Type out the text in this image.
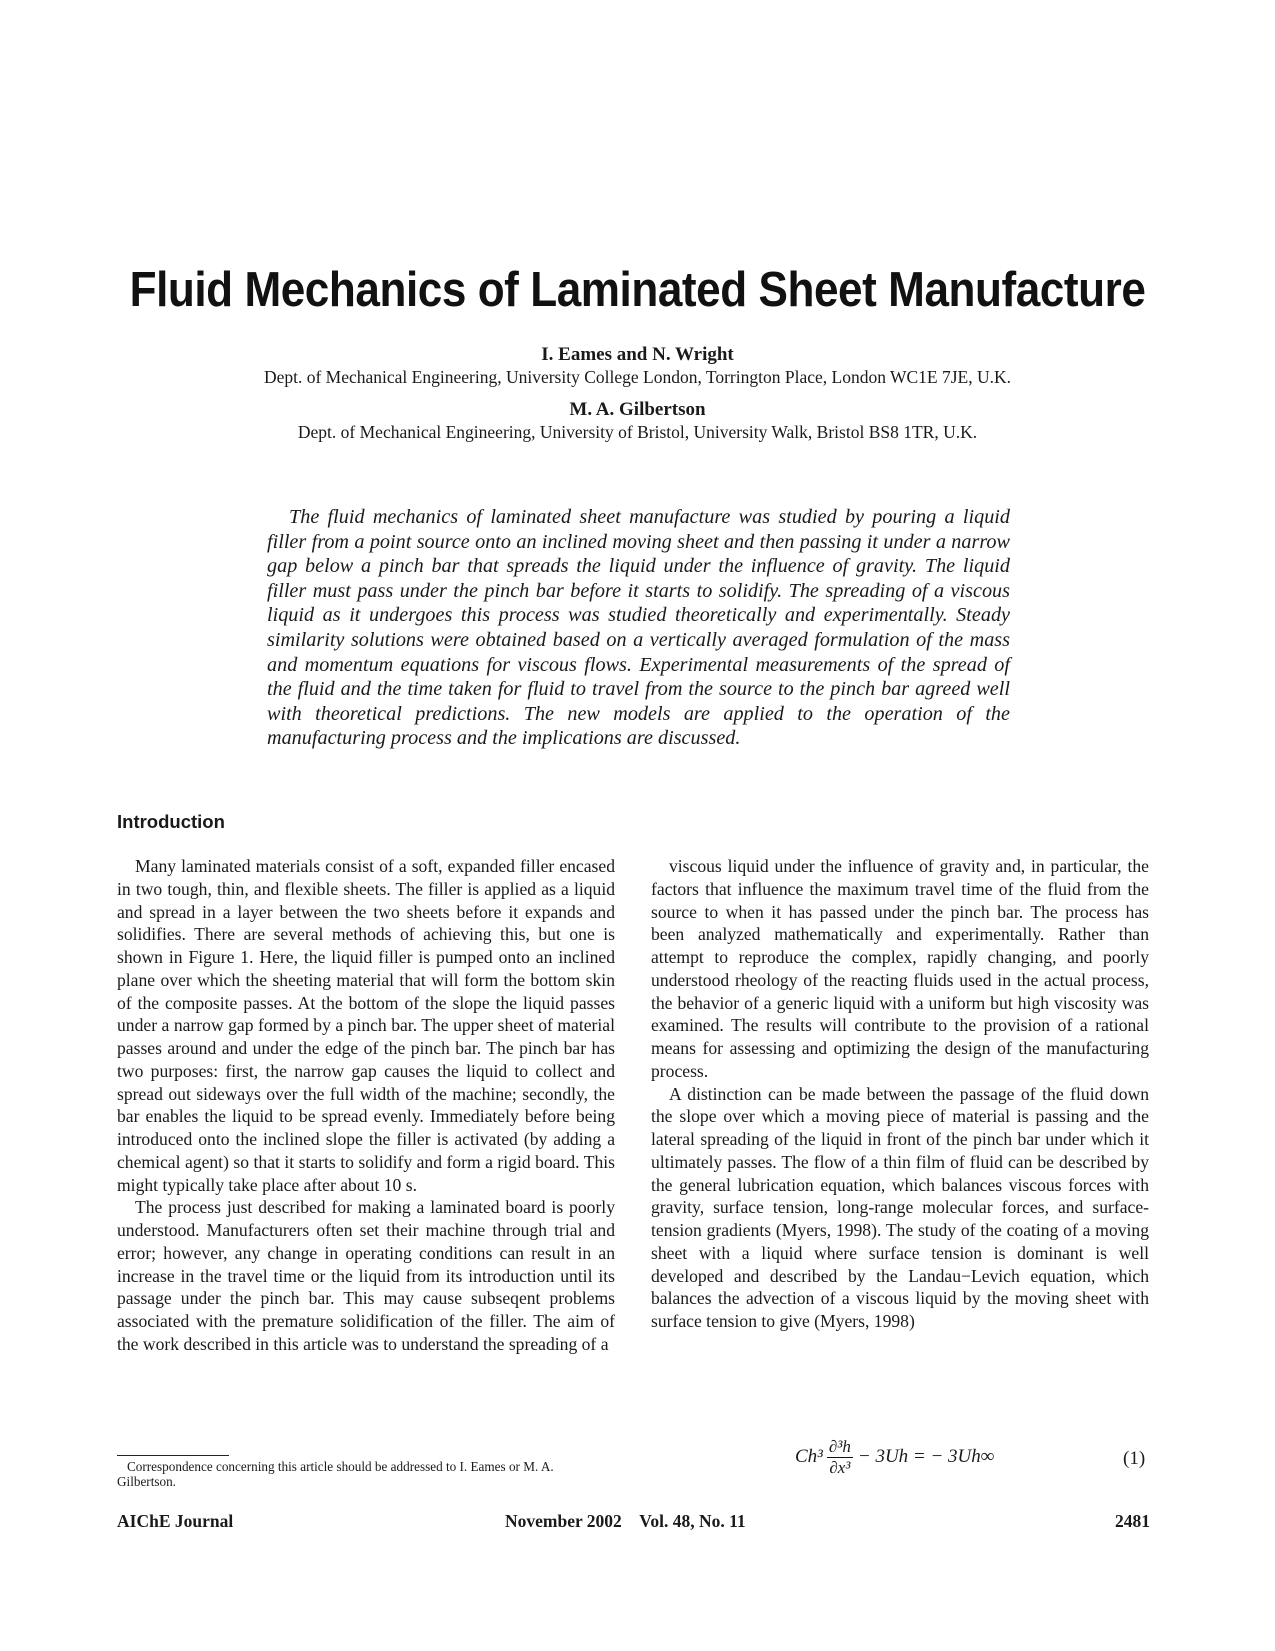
Fluid Mechanics of Laminated Sheet Manufacture
I. Eames and N. Wright
Dept. of Mechanical Engineering, University College London, Torrington Place, London WC1E 7JE, U.K.
M. A. Gilbertson
Dept. of Mechanical Engineering, University of Bristol, University Walk, Bristol BS8 1TR, U.K.

The fluid mechanics of laminated sheet manufacture was studied by pouring a liquid filler from a point source onto an inclined moving sheet and then passing it under a narrow gap below a pinch bar that spreads the liquid under the influence of gravity. The liquid filler must pass under the pinch bar before it starts to solidify. The spreading of a viscous liquid as it undergoes this process was studied theoretically and experimentally. Steady similarity solutions were obtained based on a vertically averaged formulation of the mass and momentum equations for viscous flows. Experimental measurements of the spread of the fluid and the time taken for fluid to travel from the source to the pinch bar agreed well with theoretical predictions. The new models are applied to the operation of the manufacturing process and the implications are discussed.

Introduction

Many laminated materials consist of a soft, expanded filler encased in two tough, thin, and flexible sheets. The filler is applied as a liquid and spread in a layer between the two sheets before it expands and solidifies. There are several methods of achieving this, but one is shown in Figure 1. Here, the liquid filler is pumped onto an inclined plane over which the sheeting material that will form the bottom skin of the composite passes. At the bottom of the slope the liquid passes under a narrow gap formed by a pinch bar. The upper sheet of material passes around and under the edge of the pinch bar. The pinch bar has two purposes: first, the narrow gap causes the liquid to collect and spread out sideways over the full width of the machine; secondly, the bar enables the liquid to be spread evenly. Immediately before being introduced onto the inclined slope the filler is activated (by adding a chemical agent) so that it starts to solidify and form a rigid board. This might typically take place after about 10 s.

The process just described for making a laminated board is poorly understood. Manufacturers often set their machine through trial and error; however, any change in operating conditions can result in an increase in the travel time or the liquid from its introduction until its passage under the pinch bar. This may cause subseqent problems associated with the premature solidification of the filler. The aim of the work described in this article was to understand the spreading of a

viscous liquid under the influence of gravity and, in particular, the factors that influence the maximum travel time of the fluid from the source to when it has passed under the pinch bar. The process has been analyzed mathematically and experimentally. Rather than attempt to reproduce the complex, rapidly changing, and poorly understood rheology of the reacting fluids used in the actual process, the behavior of a generic liquid with a uniform but high viscosity was examined. The results will contribute to the provision of a rational means for assessing and optimizing the design of the manufacturing process.

A distinction can be made between the passage of the fluid down the slope over which a moving piece of material is passing and the lateral spreading of the liquid in front of the pinch bar under which it ultimately passes. The flow of a thin film of fluid can be described by the general lubrication equation, which balances viscous forces with gravity, surface tension, long-range molecular forces, and surface-tension gradients (Myers, 1998). The study of the coating of a moving sheet with a liquid where surface tension is dominant is well developed and described by the Landau−Levich equation, which balances the advection of a viscous liquid by the moving sheet with surface tension to give (Myers, 1998)

$Ch^3 \frac{\text{∂³h}}{\text{∂x³}} - 3Uh$ = − 3Uh∞	(1)

Correspondence concerning this article should be addressed to I. Eames or M. A. Gilbertson.

AIChE Journal	November 2002 Vol. 48, No. 11	2481
